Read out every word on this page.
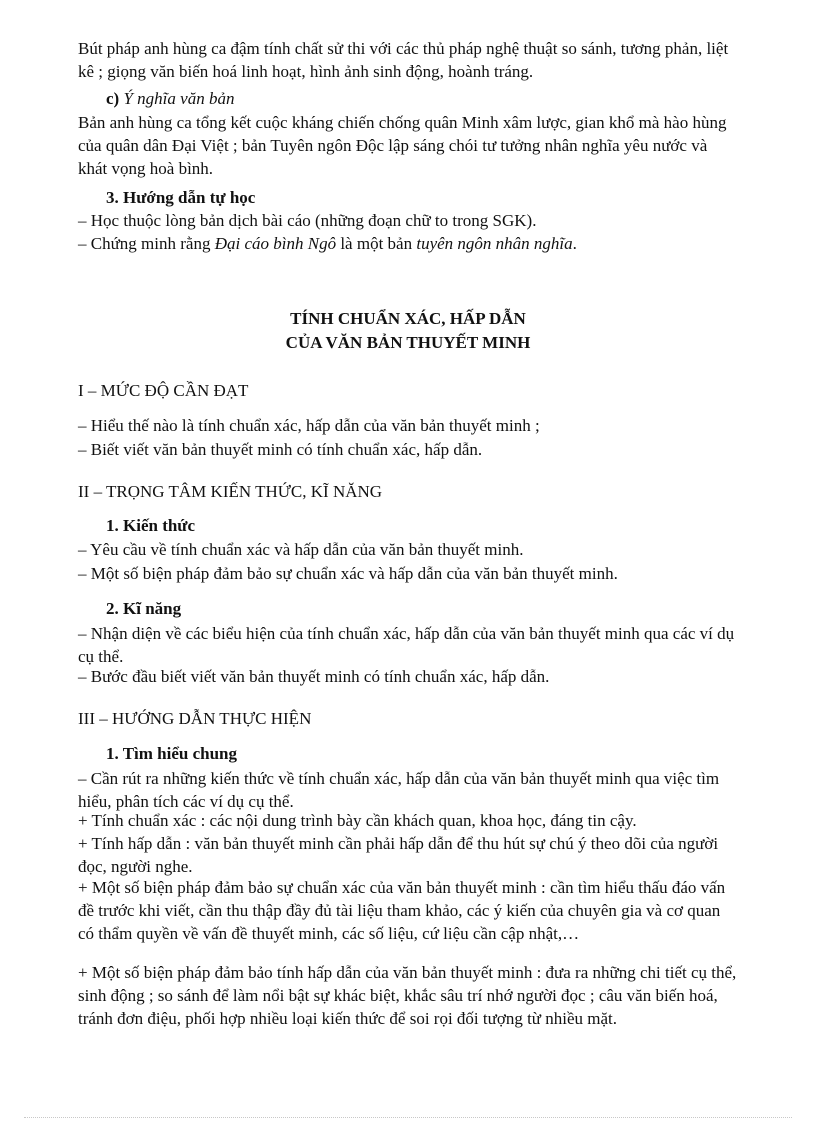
Bút pháp anh hùng ca đậm tính chất sử thi với các thủ pháp nghệ thuật so sánh, tương phản, liệt kê ; giọng văn biến hoá linh hoạt, hình ảnh sinh động, hoành tráng.

c) Ý nghĩa văn bản

Bản anh hùng ca tổng kết cuộc kháng chiến chống quân Minh xâm lược, gian khổ mà hào hùng của quân dân Đại Việt ; bản Tuyên ngôn Độc lập sáng chói tư tưởng nhân nghĩa yêu nước và khát vọng hoà bình.

3. Hướng dẫn tự học

– Học thuộc lòng bản dịch bài cáo (những đoạn chữ to trong SGK).

– Chứng minh rằng Đại cáo bình Ngô là một bản tuyên ngôn nhân nghĩa.

TÍNH CHUẨN XÁC, HẤP DẪN
CỦA VĂN BẢN THUYẾT MINH
I – MỨC ĐỘ CẦN ĐẠT

– Hiểu thế nào là tính chuẩn xác, hấp dẫn của văn bản thuyết minh ;

– Biết viết văn bản thuyết minh có tính chuẩn xác, hấp dẫn.

II – TRỌNG TÂM KIẾN THỨC, KĨ NĂNG

1. Kiến thức

– Yêu cầu về tính chuẩn xác và hấp dẫn của văn bản thuyết minh.

– Một số biện pháp đảm bảo sự chuẩn xác và hấp dẫn của văn bản thuyết minh.

2. Kĩ năng

– Nhận diện về các biểu hiện của tính chuẩn xác, hấp dẫn của văn bản thuyết minh qua các ví dụ cụ thể.

– Bước đầu biết viết văn bản thuyết minh có tính chuẩn xác, hấp dẫn.

III – HƯỚNG DẪN THỰC HIỆN

1. Tìm hiểu chung

– Cần rút ra những kiến thức về tính chuẩn xác, hấp dẫn của văn bản thuyết minh qua việc tìm hiểu, phân tích các ví dụ cụ thể.

+ Tính chuẩn xác : các nội dung trình bày cần khách quan, khoa học, đáng tin cậy.

+ Tính hấp dẫn : văn bản thuyết minh cần phải hấp dẫn để thu hút sự chú ý theo dõi của người đọc, người nghe.

+ Một số biện pháp đảm bảo sự chuẩn xác của văn bản thuyết minh : cần tìm hiểu thấu đáo vấn đề trước khi viết, cần thu thập đầy đủ tài liệu tham khảo, các ý kiến của chuyên gia và cơ quan có thẩm quyền về vấn đề thuyết minh, các số liệu, cứ liệu cần cập nhật,…

+ Một số biện pháp đảm bảo tính hấp dẫn của văn bản thuyết minh : đưa ra những chi tiết cụ thể, sinh động ; so sánh để làm nổi bật sự khác biệt, khắc sâu trí nhớ người đọc ; câu văn biến hoá, tránh đơn điệu, phối hợp nhiều loại kiến thức để soi rọi đối tượng từ nhiều mặt.
